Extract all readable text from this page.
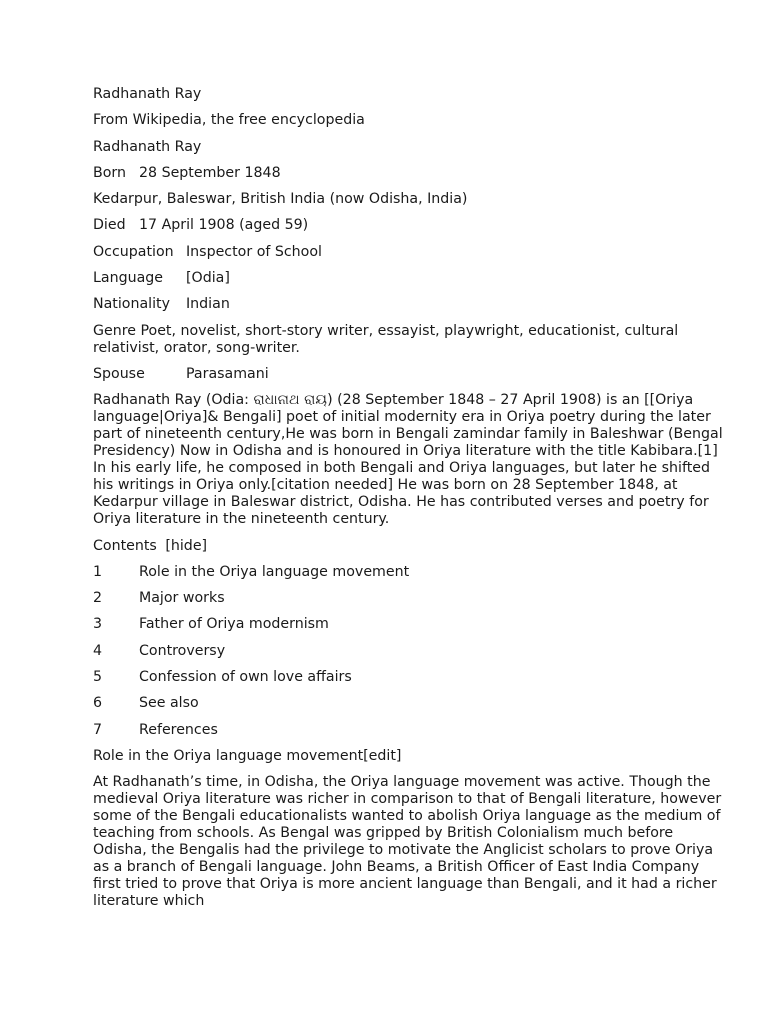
Radhanath Ray
From Wikipedia, the free encyclopedia
Radhanath Ray
Born 28 September 1848
Kedarpur, Baleswar, British India (now Odisha, India)
Died 17 April 1908 (aged 59)
Occupation Inspector of School
Language [Odia]
Nationality Indian
Genre Poet, novelist, short-story writer, essayist, playwright, educationist, cultural relativist, orator, song-writer.
Spouse	Parasamani
Radhanath Ray (Odia: ରାଧାନାଥ ରାୟ) (28 September 1848 – 27 April 1908) is an [[Oriya language|Oriya]& Bengali] poet of initial modernity era in Oriya poetry during the later part of nineteenth century,He was born in Bengali zamindar family in Baleshwar (Bengal Presidency) Now in Odisha and is honoured in Oriya literature with the title Kabibara.[1] In his early life, he composed in both Bengali and Oriya languages, but later he shifted his writings in Oriya only.[citation needed] He was born on 28 September 1848, at Kedarpur village in Baleswar district, Odisha. He has contributed verses and poetry for Oriya literature in the nineteenth century.
Contents [hide]
1	Role in the Oriya language movement
2	Major works
3	Father of Oriya modernism
4	Controversy
5	Confession of own love affairs
6	See also
7	References
Role in the Oriya language movement[edit]
At Radhanath’s time, in Odisha, the Oriya language movement was active. Though the medieval Oriya literature was richer in comparison to that of Bengali literature, however some of the Bengali educationalists wanted to abolish Oriya language as the medium of teaching from schools. As Bengal was gripped by British Colonialism much before Odisha, the Bengalis had the privilege to motivate the Anglicist scholars to prove Oriya as a branch of Bengali language. John Beams, a British Officer of East India Company first tried to prove that Oriya is more ancient language than Bengali, and it had a richer literature which
